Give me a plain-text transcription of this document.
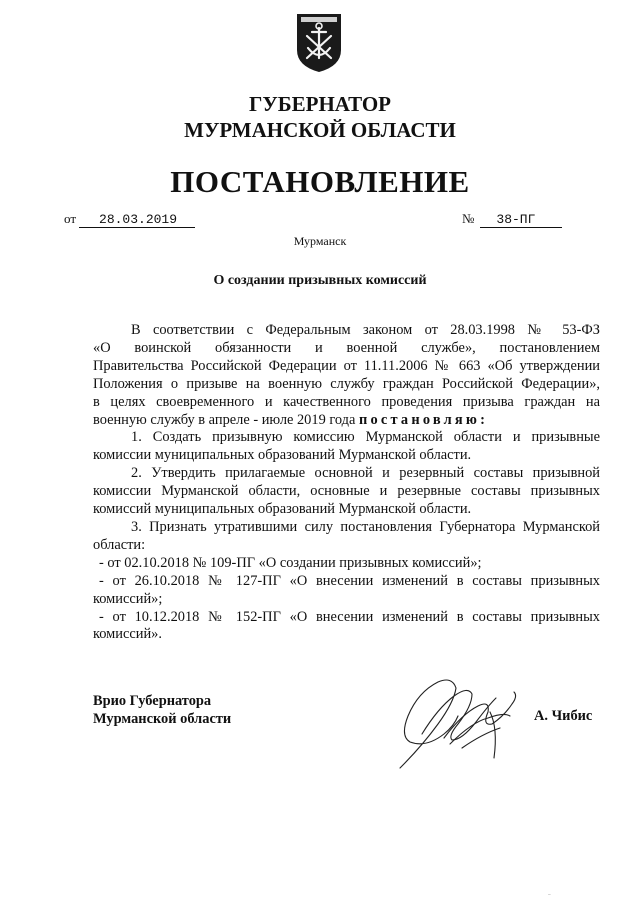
ГУБЕРНАТОР
МУРМАНСКОЙ ОБЛАСТИ
ПОСТАНОВЛЕНИЕ
от 28.03.2019	№ 38-ПГ
Мурманск
О создании призывных комиссий

В соответствии с Федеральным законом от 28.03.1998 № 53-ФЗ
«О воинской обязанности и военной службе», постановлением
Правительства Российской Федерации от 11.11.2006 № 663 «Об утверждении
Положения о призыве на военную службу граждан Российской Федерации»,
в целях своевременного и качественного проведения призыва граждан на
военную службу в апреле - июле 2019 года постановляю:

1. Создать призывную комиссию Мурманской области и призывные комиссии муниципальных образований Мурманской области.

2. Утвердить прилагаемые основной и резервный составы призывной комиссии Мурманской области, основные и резервные составы призывных комиссий муниципальных образований Мурманской области.

3. Признать утратившими силу постановления Губернатора Мурманской области:

- от 02.10.2018 № 109-ПГ «О создании призывных комиссий»;

- от 26.10.2018 № 127-ПГ «О внесении изменений в составы призывных комиссий»;

- от 10.12.2018 № 152-ПГ «О внесении изменений в составы призывных комиссий».

Врио Губернатора
Мурманской области	А. Чибис
~
